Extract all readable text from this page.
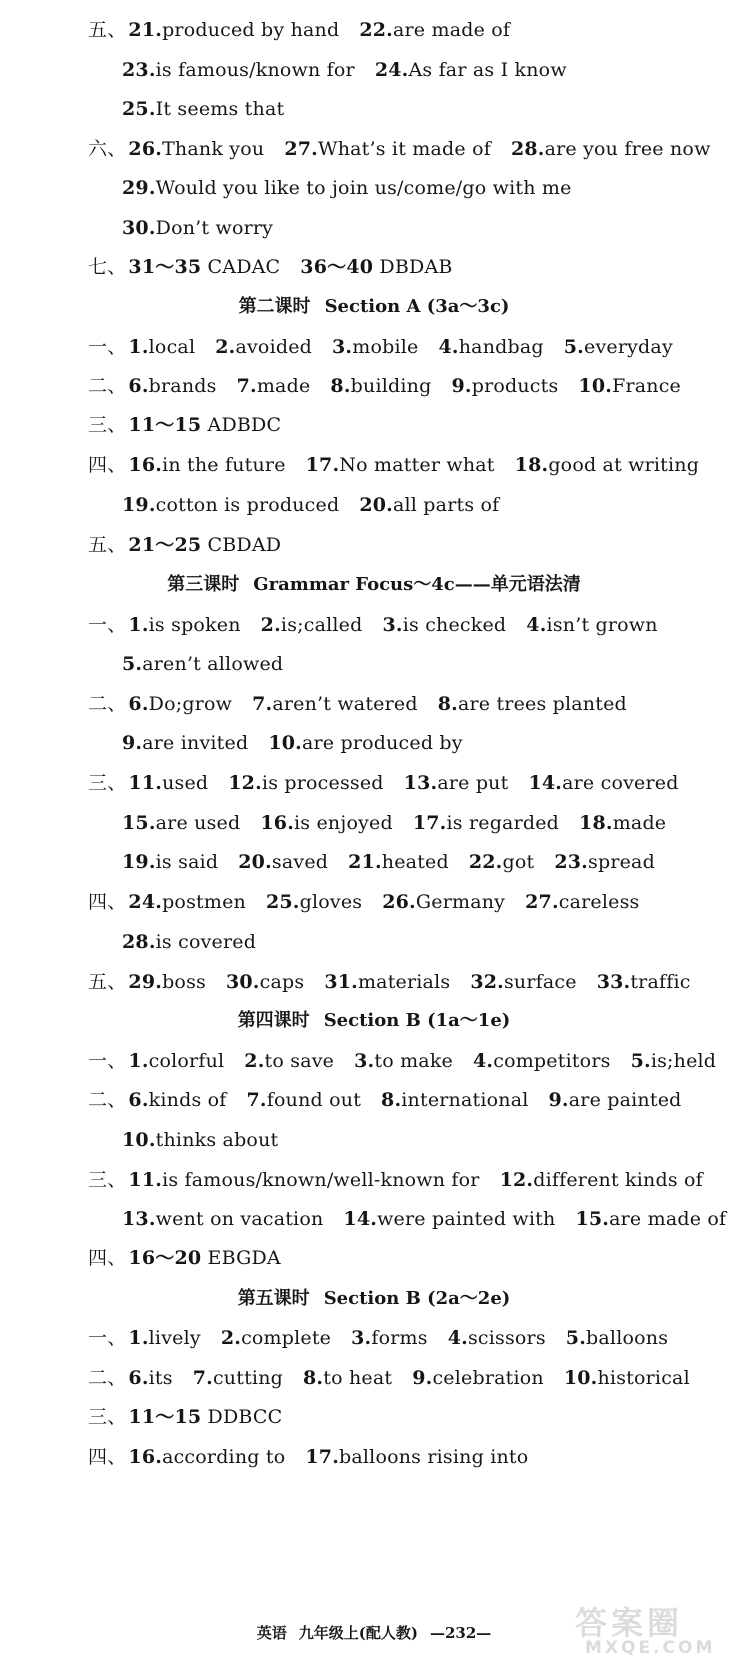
五、 21.produced by hand 22.are made of
23.is famous/known for 24.As far as I know
25.It seems that
六、 26.Thank you 27.What’s it made of 28.are you free now
29.Would you like to join us/come/go with me
30.Don’t worry
七、 31～35 CADAC 36～40 DBDAB
第二课时 Section A (3a～3c)
一、 1.local 2.avoided 3.mobile 4.handbag 5.everyday
二、 6.brands 7.made 8.building 9.products 10.France
三、 11～15 ADBDC
四、 16.in the future 17.No matter what 18.good at writing
19.cotton is produced 20.all parts of
五、 21～25 CBDAD
第三课时 Grammar Focus～4c——单元语法清
一、 1.is spoken 2.is;called 3.is checked 4.isn’t grown
5.aren’t allowed
二、 6.Do;grow 7.aren’t watered 8.are trees planted
9.are invited 10.are produced by
三、 11.used 12.is processed 13.are put 14.are covered
15.are used 16.is enjoyed 17.is regarded 18.made
19.is said 20.saved 21.heated 22.got 23.spread
四、 24.postmen 25.gloves 26.Germany 27.careless
28.is covered
五、 29.boss 30.caps 31.materials 32.surface 33.traffic
第四课时 Section B (1a～1e)
一、 1.colorful 2.to save 3.to make 4.competitors 5.is;held
二、 6.kinds of 7.found out 8.international 9.are painted
10.thinks about
三、 11.is famous/known/well-known for 12.different kinds of
13.went on vacation 14.were painted with 15.are made of
四、 16～20 EBGDA
第五课时 Section B (2a～2e)
一、 1.lively 2.complete 3.forms 4.scissors 5.balloons
二、 6.its 7.cutting 8.to heat 9.celebration 10.historical
三、 11～15 DDBCC
四、 16.according to 17.balloons rising into
英语 九年级上(配人教) —232—	答案圈
MXQE.COM
